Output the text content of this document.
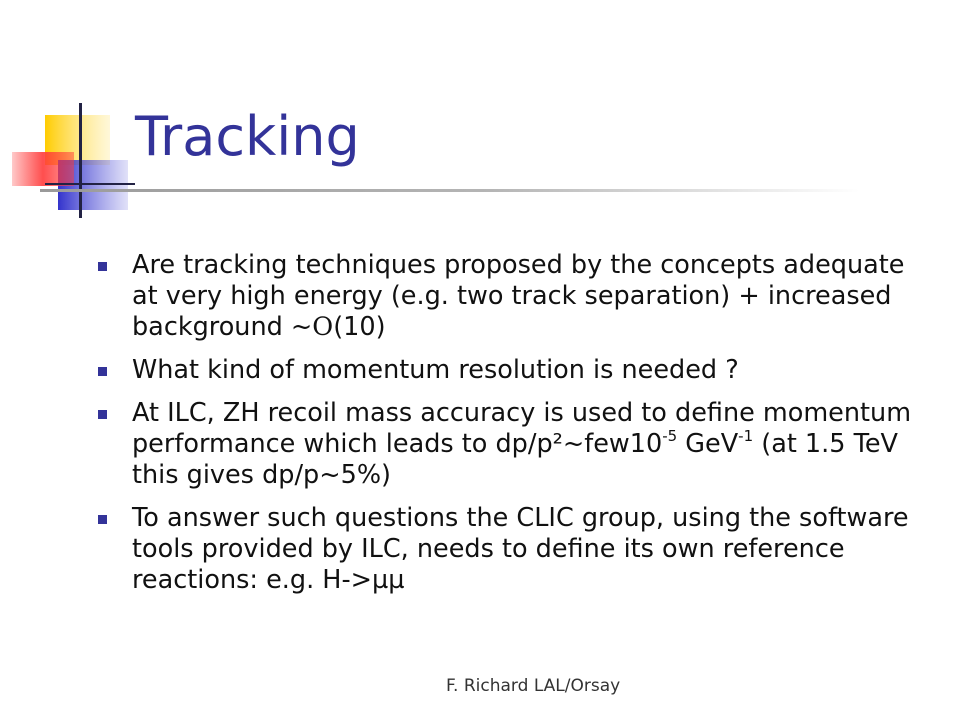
Tracking
Are tracking techniques proposed by the concepts adequate at very high energy (e.g. two track separation) + increased background ~O(10)
What kind of momentum resolution is needed ?
At ILC, ZH recoil mass accuracy is used to define momentum performance which leads to $dp/p^2\sim few10^{-5}$ GeV$^{-1}$ (at 1.5 TeV this gives dp/p~5%)
To answer such questions the CLIC group, using the software tools provided by ILC, needs to define its own reference reactions: e.g. H->µµ
F. Richard LAL/Orsay
